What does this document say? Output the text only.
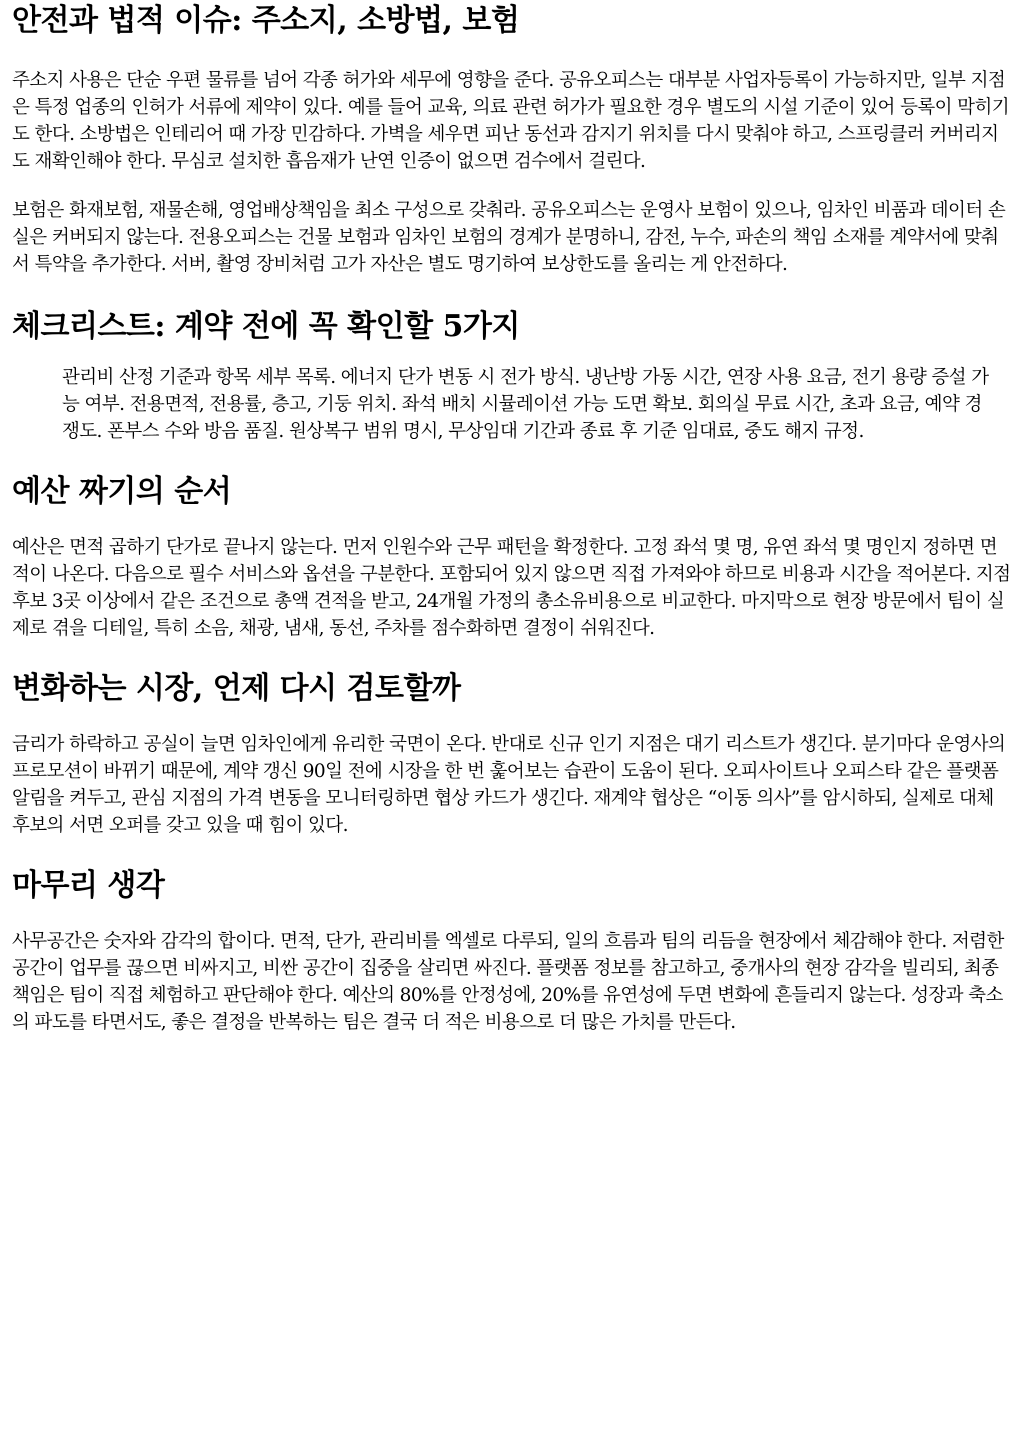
안전과 법적 이슈: 주소지, 소방법, 보험

주소지 사용은 단순 우편 물류를 넘어 각종 허가와 세무에 영향을 준다. 공유오피스는 대부분 사업자등록이 가능하지만, 일부 지점은 특정 업종의 인허가 서류에 제약이 있다. 예를 들어 교육, 의료 관련 허가가 필요한 경우 별도의 시설 기준이 있어 등록이 막히기도 한다. 소방법은 인테리어 때 가장 민감하다. 가벽을 세우면 피난 동선과 감지기 위치를 다시 맞춰야 하고, 스프링클러 커버리지도 재확인해야 한다. 무심코 설치한 흡음재가 난연 인증이 없으면 검수에서 걸린다.

보험은 화재보험, 재물손해, 영업배상책임을 최소 구성으로 갖춰라. 공유오피스는 운영사 보험이 있으나, 임차인 비품과 데이터 손실은 커버되지 않는다. 전용오피스는 건물 보험과 임차인 보험의 경계가 분명하니, 감전, 누수, 파손의 책임 소재를 계약서에 맞춰서 특약을 추가한다. 서버, 촬영 장비처럼 고가 자산은 별도 명기하여 보상한도를 올리는 게 안전하다.

체크리스트: 계약 전에 꼭 확인할 5가지

관리비 산정 기준과 항목 세부 목록. 에너지 단가 변동 시 전가 방식. 냉난방 가동 시간, 연장 사용 요금, 전기 용량 증설 가능 여부. 전용면적, 전용률, 층고, 기둥 위치. 좌석 배치 시뮬레이션 가능 도면 확보. 회의실 무료 시간, 초과 요금, 예약 경쟁도. 폰부스 수와 방음 품질. 원상복구 범위 명시, 무상임대 기간과 종료 후 기준 임대료, 중도 해지 규정.

예산 짜기의 순서

예산은 면적 곱하기 단가로 끝나지 않는다. 먼저 인원수와 근무 패턴을 확정한다. 고정 좌석 몇 명, 유연 좌석 몇 명인지 정하면 면적이 나온다. 다음으로 필수 서비스와 옵션을 구분한다. 포함되어 있지 않으면 직접 가져와야 하므로 비용과 시간을 적어본다. 지점 후보 3곳 이상에서 같은 조건으로 총액 견적을 받고, 24개월 가정의 총소유비용으로 비교한다. 마지막으로 현장 방문에서 팀이 실제로 겪을 디테일, 특히 소음, 채광, 냄새, 동선, 주차를 점수화하면 결정이 쉬워진다.

변화하는 시장, 언제 다시 검토할까

금리가 하락하고 공실이 늘면 임차인에게 유리한 국면이 온다. 반대로 신규 인기 지점은 대기 리스트가 생긴다. 분기마다 운영사의 프로모션이 바뀌기 때문에, 계약 갱신 90일 전에 시장을 한 번 훑어보는 습관이 도움이 된다. 오피사이트나 오피스타 같은 플랫폼 알림을 켜두고, 관심 지점의 가격 변동을 모니터링하면 협상 카드가 생긴다. 재계약 협상은 “이동 의사”를 암시하되, 실제로 대체 후보의 서면 오퍼를 갖고 있을 때 힘이 있다.

마무리 생각

사무공간은 숫자와 감각의 합이다. 면적, 단가, 관리비를 엑셀로 다루되, 일의 흐름과 팀의 리듬을 현장에서 체감해야 한다. 저렴한 공간이 업무를 끊으면 비싸지고, 비싼 공간이 집중을 살리면 싸진다. 플랫폼 정보를 참고하고, 중개사의 현장 감각을 빌리되, 최종 책임은 팀이 직접 체험하고 판단해야 한다. 예산의 80%를 안정성에, 20%를 유연성에 두면 변화에 흔들리지 않는다. 성장과 축소의 파도를 타면서도, 좋은 결정을 반복하는 팀은 결국 더 적은 비용으로 더 많은 가치를 만든다.
